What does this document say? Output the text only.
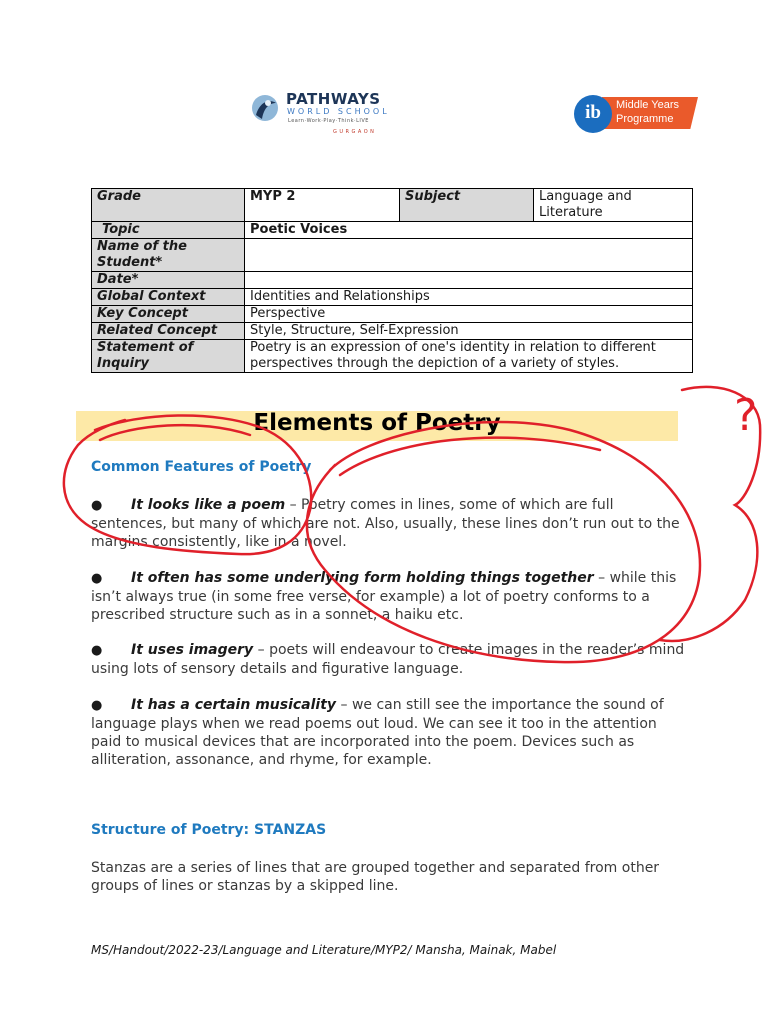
PATHWAYS
WORLD SCHOOL
Learn·Work·Play·Think·LIVE
GURGAON
ib	Middle Years Programme
Grade	MYP 2	Subject	Language and Literature
Topic	Poetic Voices		
Name of the Student*			
Date*			
Global Context	Identities and Relationships		
Key Concept	Perspective		
Related Concept	Style, Structure, Self-Expression		
Statement of Inquiry	Poetry is an expression of one's identity in relation to different perspectives through the depiction of a variety of styles.		
Elements of Poetry
Common Features of Poetry
● It looks like a poem – Poetry comes in lines, some of which are full sentences, but many of which are not. Also, usually, these lines don’t run out to the margins consistently, like in a novel.
● It often has some underlying form holding things together – while this isn’t always true (in some free verse, for example) a lot of poetry conforms to a prescribed structure such as in a sonnet, a haiku etc.
● It uses imagery – poets will endeavour to create images in the reader’s mind using lots of sensory details and figurative language.
● It has a certain musicality – we can still see the importance the sound of language plays when we read poems out loud. We can see it too in the attention paid to musical devices that are incorporated into the poem. Devices such as alliteration, assonance, and rhyme, for example.
Structure of Poetry: STANZAS
Stanzas are a series of lines that are grouped together and separated from other groups of lines or stanzas by a skipped line.
MS/Handout/2022-23/Language and Literature/MYP2/ Mansha, Mainak, Mabel
?
